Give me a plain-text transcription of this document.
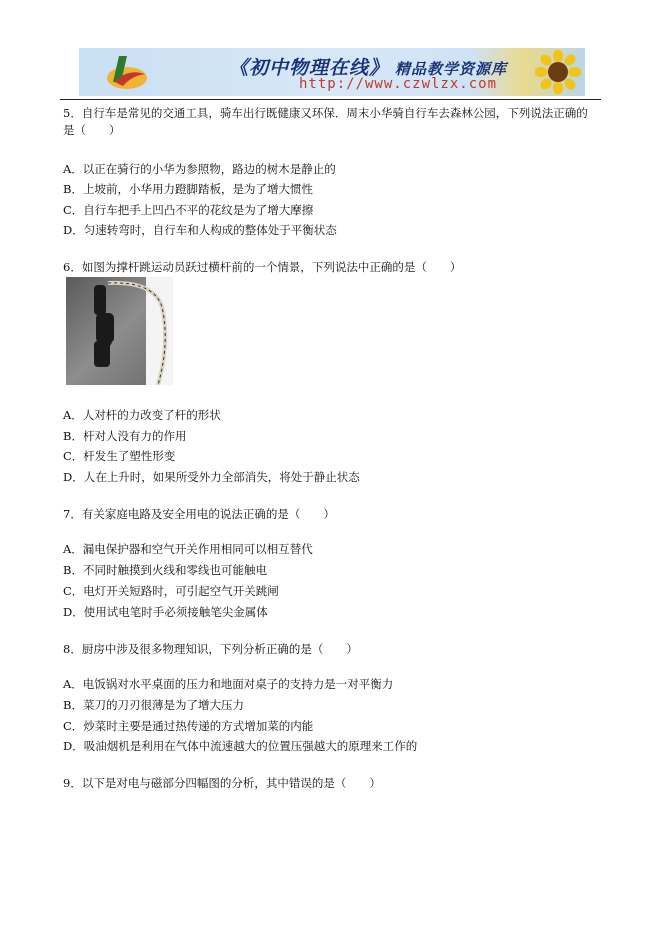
《初中物理在线》 精品教学资源库
http://www.czwlzx.com

5．自行车是常见的交通工具，骑车出行既健康又环保．周末小华骑自行车去森林公园，下列说法正确的

是（　　）

A．以正在骑行的小华为参照物，路边的树木是静止的
B．上坡前，小华用力蹬脚踏板，是为了增大惯性
C．自行车把手上凹凸不平的花纹是为了增大摩擦
D．匀速转弯时，自行车和人构成的整体处于平衡状态

6．如图为撑杆跳运动员跃过横杆前的一个情景，下列说法中正确的是（　　）

A．人对杆的力改变了杆的形状
B．杆对人没有力的作用
C．杆发生了塑性形变
D．人在上升时，如果所受外力全部消失，将处于静止状态

7．有关家庭电路及安全用电的说法正确的是（　　）

A．漏电保护器和空气开关作用相同可以相互替代
B．不同时触摸到火线和零线也可能触电
C．电灯开关短路时，可引起空气开关跳闸
D．使用试电笔时手必须接触笔尖金属体

8．厨房中涉及很多物理知识，下列分析正确的是（　　）

A．电饭锅对水平桌面的压力和地面对桌子的支持力是一对平衡力
B．菜刀的刀刃很薄是为了增大压力
C．炒菜时主要是通过热传递的方式增加菜的内能
D．吸油烟机是利用在气体中流速越大的位置压强越大的原理来工作的

9．以下是对电与磁部分四幅图的分析，其中错误的是（　　）
